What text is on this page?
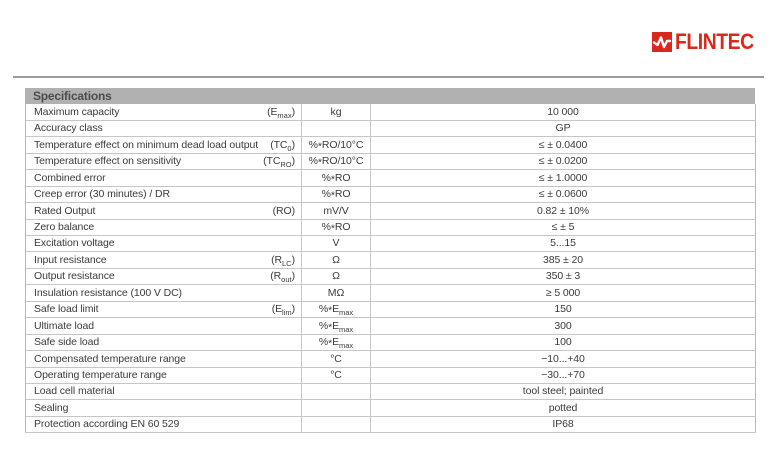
FLINTEC
Specifications
Maximum capacity $(E_{max})$	kg	10 000

Accuracy class		GP

Temperature effect on minimum dead load output $(TC_0)$	%*RO/10°C	≤ ± 0.0400

Temperature effect on sensitivity $(TC_{RO})$	%*RO/10°C	≤ ± 0.0200

Combined error	%*RO	≤ ± 1.0000

Creep error (30 minutes) / DR	%*RO	≤ ± 0.0600

Rated Output (RO)	mV/V	0.82 ± 10%

Zero balance	%*RO	≤ ± 5

Excitation voltage	V	5...15

Input resistance $(R_{LC})$	Ω	385 ± 20

Output resistance $(R_{out})$	Ω	350 ± 3

Insulation resistance (100 V DC)	MΩ	≥ 5 000

Safe load limit $(E_{lim})$	$\%*E_{max}$	150

Ultimate load	$\%*E_{max}$	300

Safe side load	$\%*E_{max}$	100

Compensated temperature range	°C	−10...+40

Operating temperature range	°C	−30...+70

Load cell material		tool steel; painted

Sealing		potted

Protection according EN 60 529		IP68
